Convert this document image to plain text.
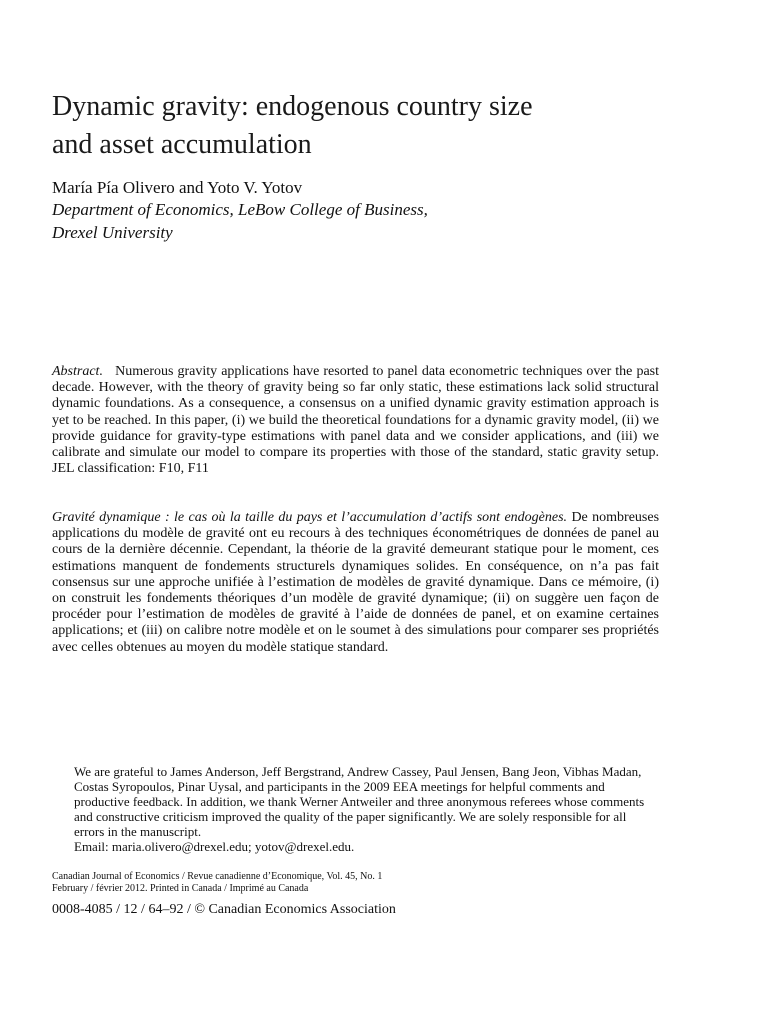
Dynamic gravity: endogenous country size
and asset accumulation
María Pía Olivero and Yoto V. Yotov
Department of Economics, LeBow College of Business,
Drexel University

Abstract. Numerous gravity applications have resorted to panel data econometric techniques over the past decade. However, with the theory of gravity being so far only static, these estimations lack solid structural dynamic foundations. As a consequence, a consensus on a unified dynamic gravity estimation approach is yet to be reached. In this paper, (i) we build the theoretical foundations for a dynamic gravity model, (ii) we provide guidance for gravity-type estimations with panel data and we consider applications, and (iii) we calibrate and simulate our model to compare its properties with those of the standard, static gravity setup. JEL classification: F10, F11

Gravité dynamique : le cas où la taille du pays et l’accumulation d’actifs sont endogènes. De nombreuses applications du modèle de gravité ont eu recours à des techniques économétriques de données de panel au cours de la dernière décennie. Cependant, la théorie de la gravité demeurant statique pour le moment, ces estimations manquent de fondements structurels dynamiques solides. En conséquence, on n’a pas fait consensus sur une approche unifiée à l’estimation de modèles de gravité dynamique. Dans ce mémoire, (i) on construit les fondements théoriques d’un modèle de gravité dynamique; (ii) on suggère uen façon de procéder pour l’estimation de modèles de gravité à l’aide de données de panel, et on examine certaines applications; et (iii) on calibre notre modèle et on le soumet à des simulations pour comparer ses propriétés avec celles obtenues au moyen du modèle statique standard.

We are grateful to James Anderson, Jeff Bergstrand, Andrew Cassey, Paul Jensen, Bang Jeon, Vibhas Madan, Costas Syropoulos, Pinar Uysal, and participants in the 2009 EEA meetings for helpful comments and productive feedback. In addition, we thank Werner Antweiler and three anonymous referees whose comments and constructive criticism improved the quality of the paper significantly. We are solely responsible for all errors in the manuscript.
Email: maria.olivero@drexel.edu; yotov@drexel.edu.

Canadian Journal of Economics / Revue canadienne d’Economique, Vol. 45, No. 1
February / février 2012. Printed in Canada / Imprimé au Canada
0008-4085 / 12 / 64–92 / © Canadian Economics Association
